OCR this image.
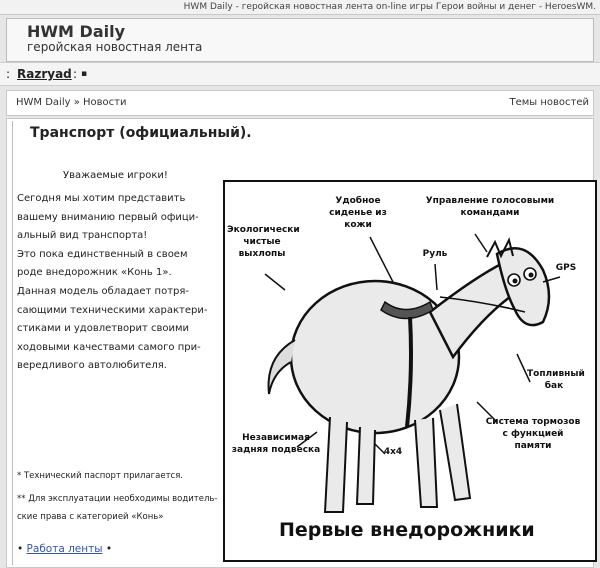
HWM Daily - геройская новостная лента on-line игры Герои войны и денег - HeroesWM.
HWM Daily
геройская новостная лента
: Razryad : ▪
HWM Daily » Новости	Темы новостей
Транспорт (официальный).
Уважаемые игроки!
Сегодня мы хотим представить
вашему вниманию первый офици-
альный вид транспорта!
Это пока единственный в своем
роде внедорожник «Конь 1».
Данная модель обладает потря-
сающими техническими характери-
стиками и удовлетворит своими
ходовыми качествами самого при-
вередливого автолюбителя.
* Технический паспорт прилагается.
** Для эксплуатации необходимы водитель-ские права с категорией «Конь»
• Работа ленты •
Удобное сиденье из кожи
Управление голосовыми командами
Экологически чистые выхлопы	Руль
GPS
Топливный бак
Система тормозов с функцией памяти
4x4
Независимая задняя подвеска
Первые внедорожники
